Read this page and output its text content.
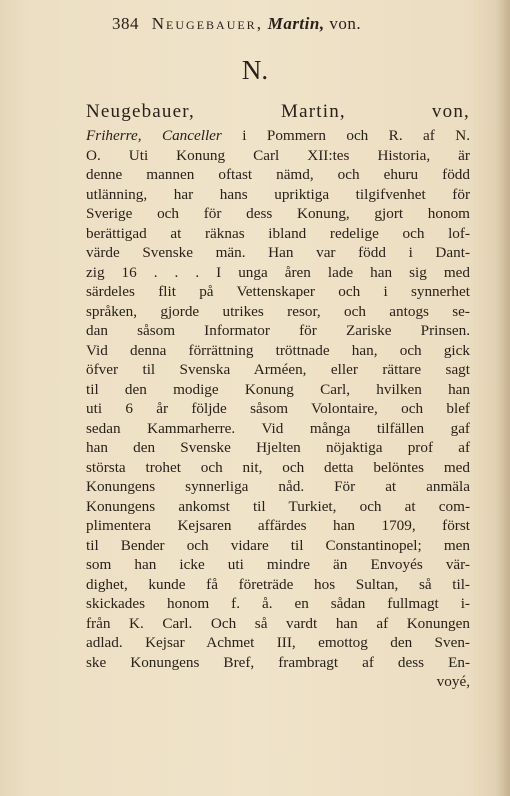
384 Neugebauer, Martin, von.
N.
Neugebauer, Martin, von,
Friherre, Canceller i Pommern och R. af N.
O. Uti Konung Carl XII:tes Historia, är
denne mannen oftast nämd, och ehuru född
utlänning, har hans upriktiga tilgifvenhet för
Sverige och för dess Konung, gjort honom
berättigad at räknas ibland redelige och lof-
värde Svenske män. Han var född i Dant-
zig 16 . . . I unga åren lade han sig med
särdeles flit på Vettenskaper och i synnerhet
språken, gjorde utrikes resor, och antogs se-
dan såsom Informator för Zariske Prinsen.
Vid denna förrättning tröttnade han, och gick
öfver til Svenska Arméen, eller rättare sagt
til den modige Konung Carl, hvilken han
uti 6 år följde såsom Volontaire, och blef
sedan Kammarherre. Vid många tilfällen gaf
han den Svenske Hjelten nöjaktiga prof af
största trohet och nit, och detta belöntes med
Konungens synnerliga nåd. För at anmäla
Konungens ankomst til Turkiet, och at com-
plimentera Kejsaren affärdes han 1709, först
til Bender och vidare til Constantinopel; men
som han icke uti mindre än Envoyés vär-
dighet, kunde få företräde hos Sultan, så til-
skickades honom f. å. en sådan fullmagt i-
från K. Carl. Och så vardt han af Konungen
adlad. Kejsar Achmet III, emottog den Sven-
ske Konungens Bref, frambragt af dess En-
voyé,
